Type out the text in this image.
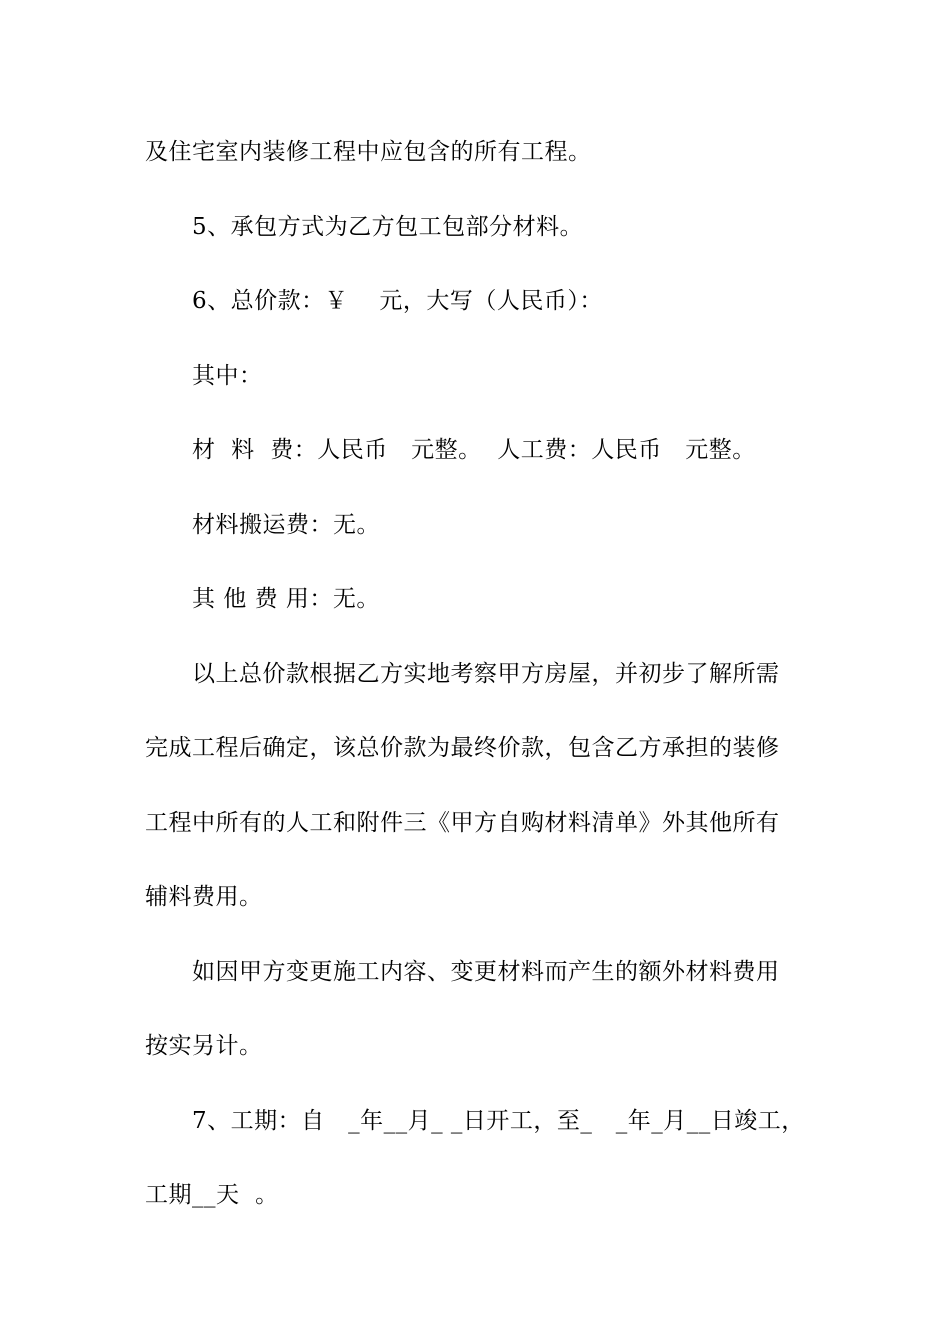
及住宅室内装修工程中应包含的所有工程。
5、承包方式为乙方包工包部分材料。
6、总价款：￥    元，大写（人民币）：
其中：
材  料  费：人民币   元整。  人工费：人民币   元整。
材料搬运费：无。
其 他 费 用：无。
以上总价款根据乙方实地考察甲方房屋，并初步了解所需
完成工程后确定，该总价款为最终价款，包含乙方承担的装修
工程中所有的人工和附件三《甲方自购材料清单》外其他所有
辅料费用。
如因甲方变更施工内容、变更材料而产生的额外材料费用
按实另计。
7、工期：自   _年__月_ _日开工，至_   _年_月__日竣工，
工期__天  。
